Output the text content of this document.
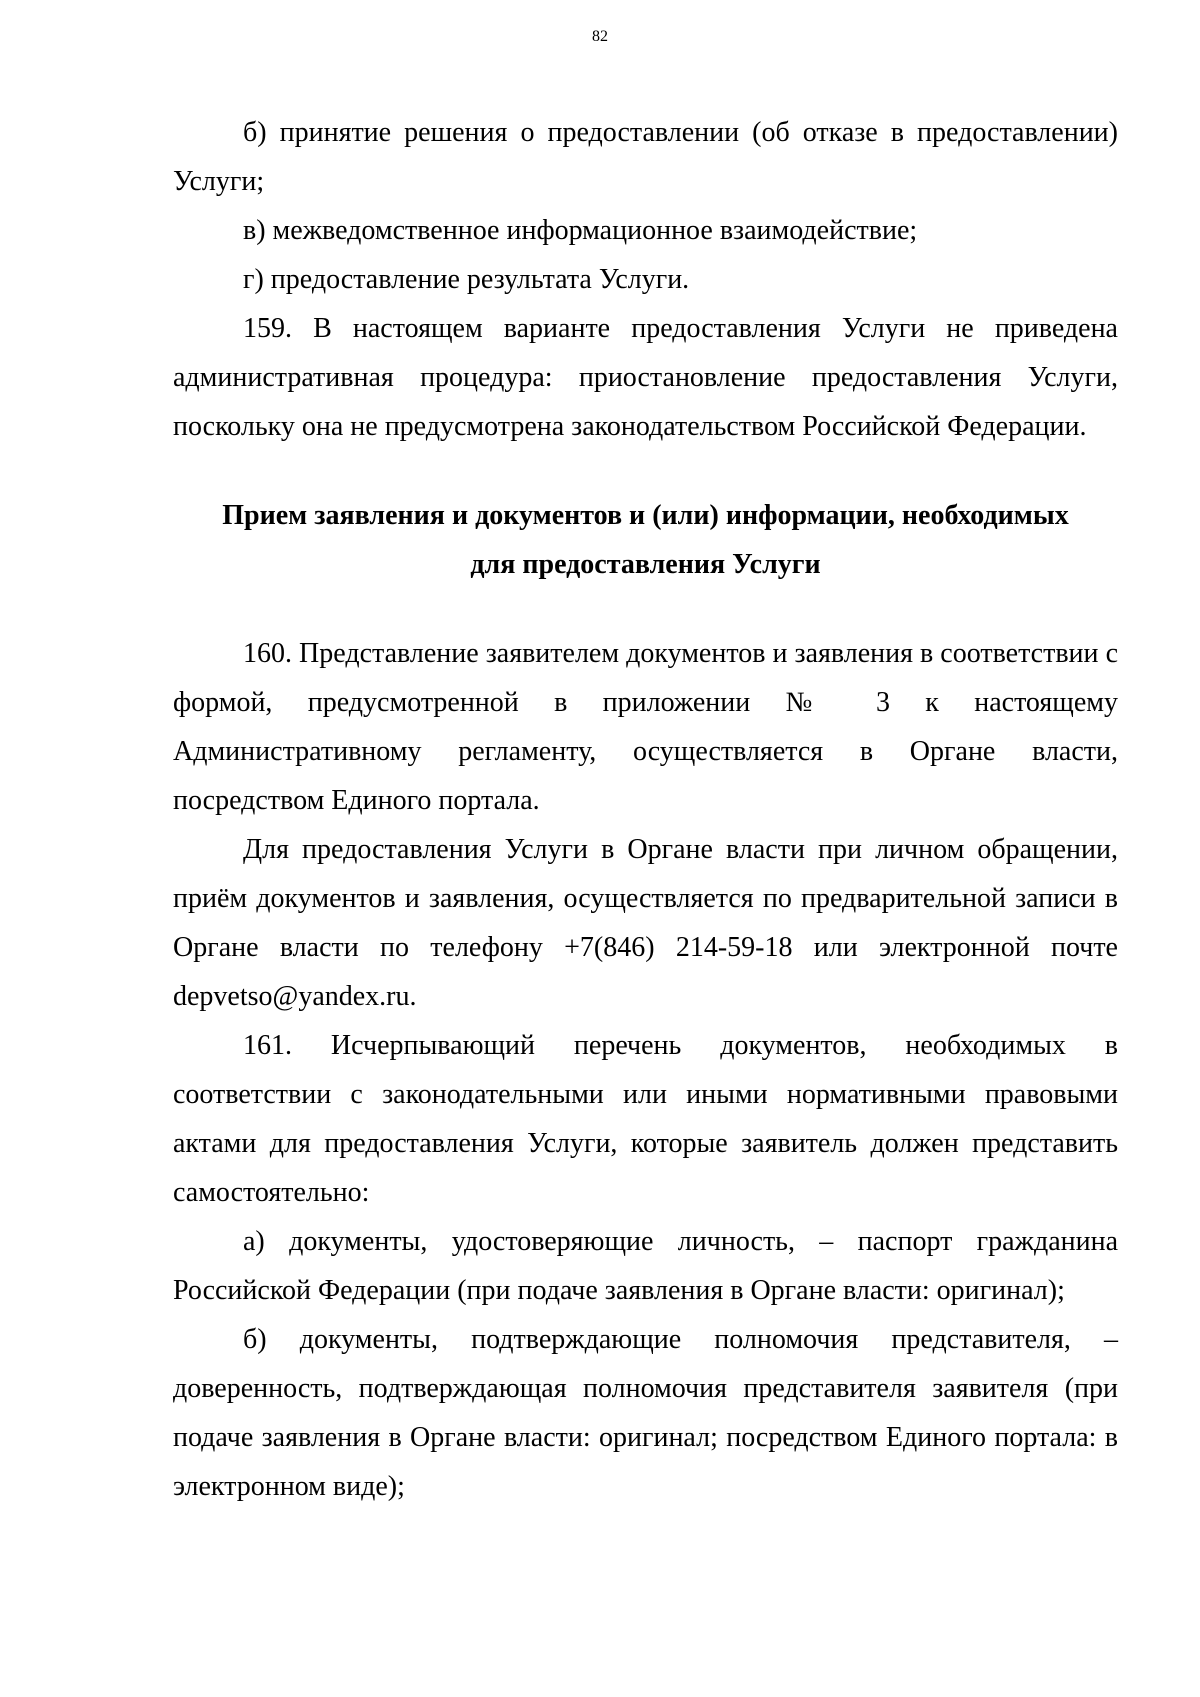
82

б) принятие решения о предоставлении (об отказе в предоставлении) Услуги;

в) межведомственное информационное взаимодействие;

г) предоставление результата Услуги.

159. В настоящем варианте предоставления Услуги не приведена административная процедура: приостановление предоставления Услуги, поскольку она не предусмотрена законодательством Российской Федерации.

Прием заявления и документов и (или) информации, необходимых
для предоставления Услуги

160. Представление заявителем документов и заявления в соответствии с формой, предусмотренной в приложении № 3 к настоящему Административному регламенту, осуществляется в Органе власти, посредством Единого портала.

Для предоставления Услуги в Органе власти при личном обращении, приём документов и заявления, осуществляется по предварительной записи в Органе власти по телефону +7(846) 214-59-18 или электронной почте depvetso@yandex.ru.

161. Исчерпывающий перечень документов, необходимых в соответствии с законодательными или иными нормативными правовыми актами для предоставления Услуги, которые заявитель должен представить самостоятельно:

а) документы, удостоверяющие личность, – паспорт гражданина Российской Федерации (при подаче заявления в Органе власти: оригинал);

б) документы, подтверждающие полномочия представителя, – доверенность, подтверждающая полномочия представителя заявителя (при подаче заявления в Органе власти: оригинал; посредством Единого портала: в электронном виде);
